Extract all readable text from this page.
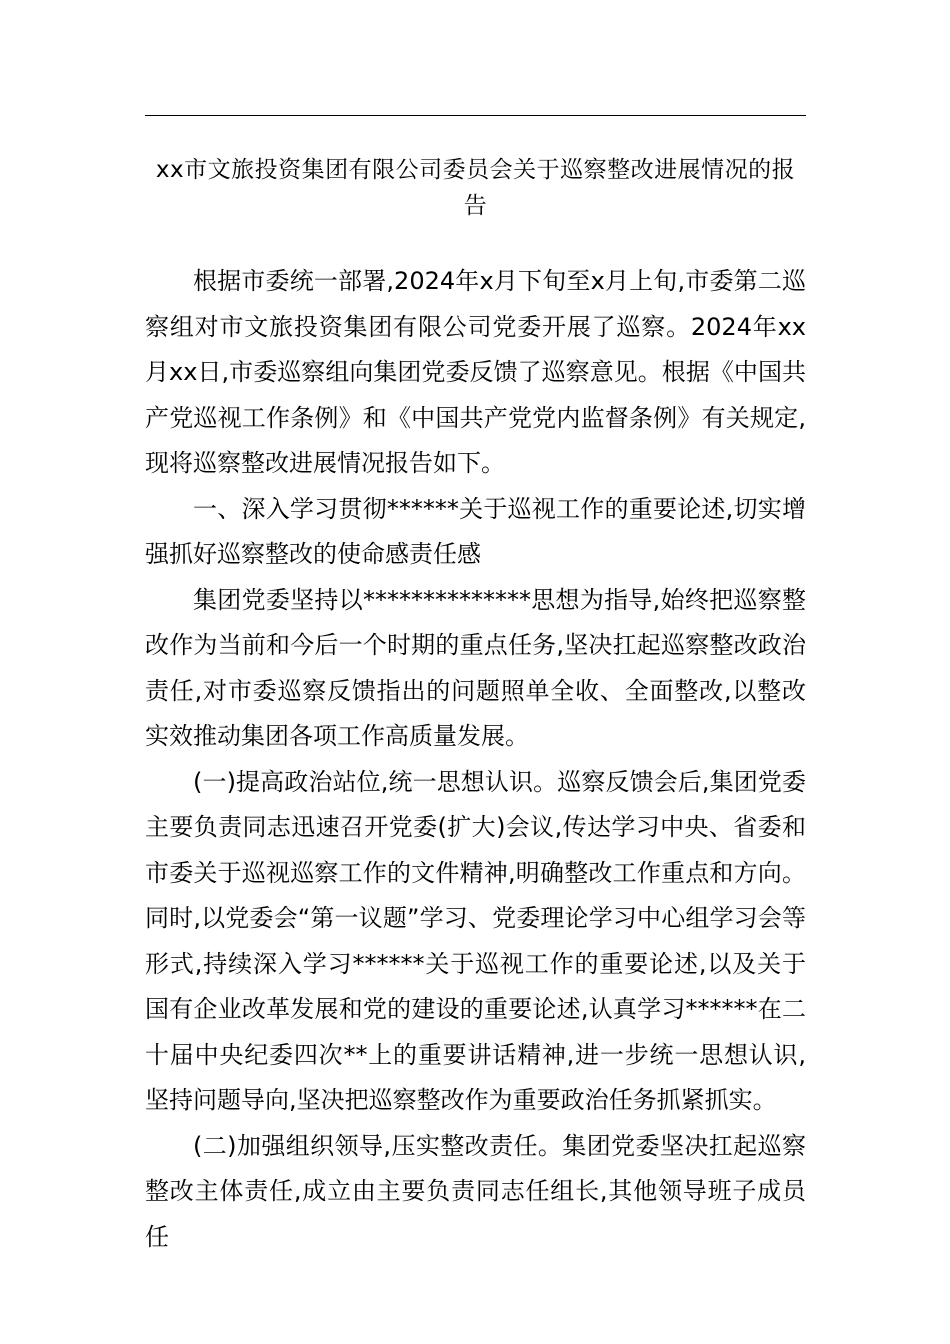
xx市文旅投资集团有限公司委员会关于巡察整改进展情况的报告

根据市委统一部署,2024年x月下旬至x月上旬,市委第二巡察组对市文旅投资集团有限公司党委开展了巡察。2024年xx月xx日,市委巡察组向集团党委反馈了巡察意见。根据《中国共产党巡视工作条例》和《中国共产党党内监督条例》有关规定,现将巡察整改进展情况报告如下。

一、深入学习贯彻******关于巡视工作的重要论述,切实增强抓好巡察整改的使命感责任感

集团党委坚持以**************思想为指导,始终把巡察整改作为当前和今后一个时期的重点任务,坚决扛起巡察整改政治责任,对市委巡察反馈指出的问题照单全收、全面整改,以整改实效推动集团各项工作高质量发展。

(一)提高政治站位,统一思想认识。巡察反馈会后,集团党委主要负责同志迅速召开党委(扩大)会议,传达学习中央、省委和市委关于巡视巡察工作的文件精神,明确整改工作重点和方向。同时,以党委会“第一议题”学习、党委理论学习中心组学习会等形式,持续深入学习******关于巡视工作的重要论述,以及关于国有企业改革发展和党的建设的重要论述,认真学习******在二十届中央纪委四次**上的重要讲话精神,进一步统一思想认识,坚持问题导向,坚决把巡察整改作为重要政治任务抓紧抓实。

(二)加强组织领导,压实整改责任。集团党委坚决扛起巡察整改主体责任,成立由主要负责同志任组长,其他领导班子成员任
